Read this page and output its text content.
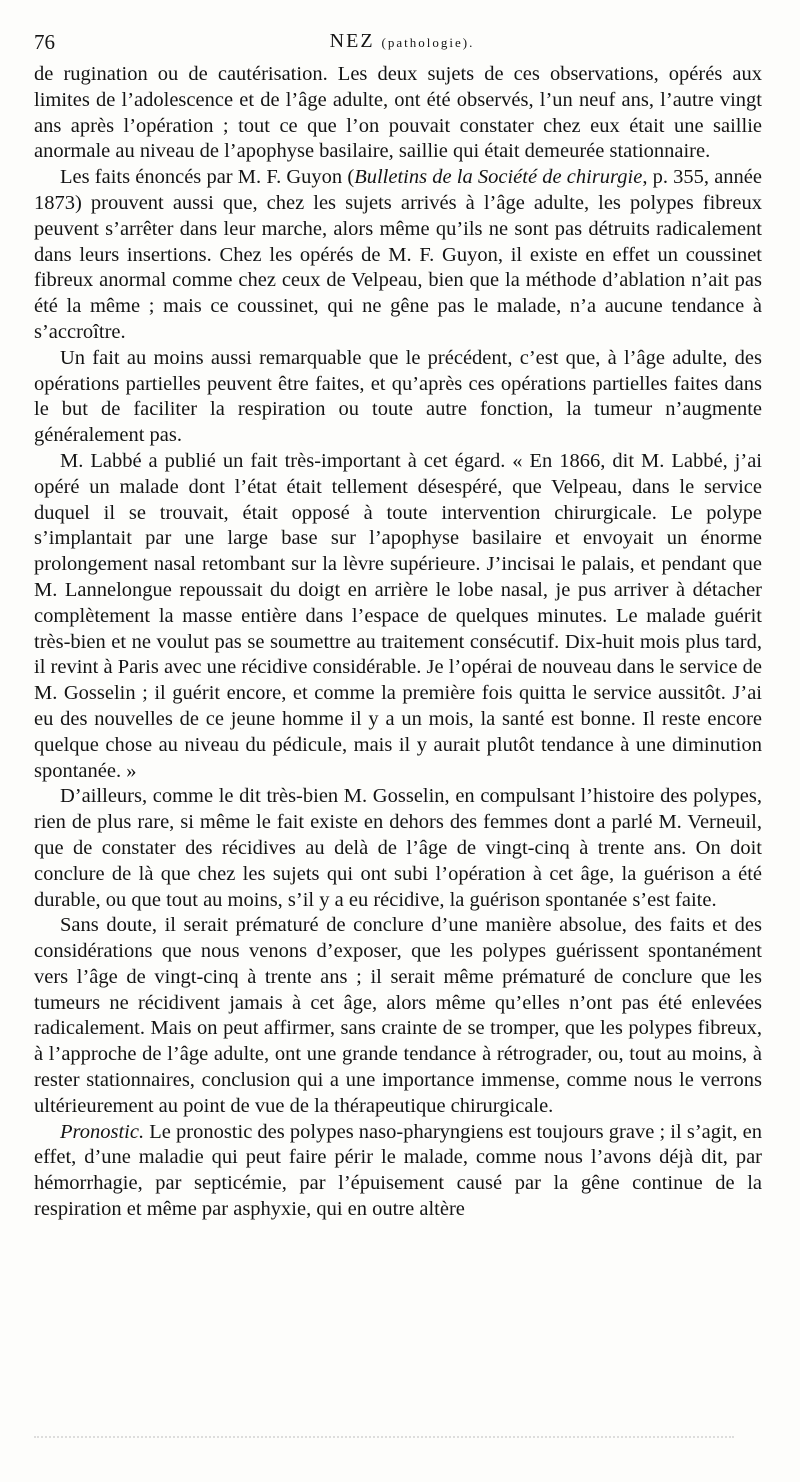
76	NEZ (pathologie).

de rugination ou de cautérisation. Les deux sujets de ces observations, opérés aux limites de l’adolescence et de l’âge adulte, ont été observés, l’un neuf ans, l’autre vingt ans après l’opération ; tout ce que l’on pouvait constater chez eux était une saillie anormale au niveau de l’apophyse basilaire, saillie qui était demeurée stationnaire.

Les faits énoncés par M. F. Guyon (Bulletins de la Société de chirurgie, p. 355, année 1873) prouvent aussi que, chez les sujets arrivés à l’âge adulte, les polypes fibreux peuvent s’arrêter dans leur marche, alors même qu’ils ne sont pas détruits radicalement dans leurs insertions. Chez les opérés de M. F. Guyon, il existe en effet un coussinet fibreux anormal comme chez ceux de Velpeau, bien que la méthode d’ablation n’ait pas été la même ; mais ce coussinet, qui ne gêne pas le malade, n’a aucune tendance à s’accroître.

Un fait au moins aussi remarquable que le précédent, c’est que, à l’âge adulte, des opérations partielles peuvent être faites, et qu’après ces opérations partielles faites dans le but de faciliter la respiration ou toute autre fonction, la tumeur n’augmente généralement pas.

M. Labbé a publié un fait très-important à cet égard. « En 1866, dit M. Labbé, j’ai opéré un malade dont l’état était tellement désespéré, que Velpeau, dans le service duquel il se trouvait, était opposé à toute intervention chirurgicale. Le polype s’implantait par une large base sur l’apophyse basilaire et envoyait un énorme prolongement nasal retombant sur la lèvre supérieure. J’incisai le palais, et pendant que M. Lannelongue repoussait du doigt en arrière le lobe nasal, je pus arriver à détacher complètement la masse entière dans l’espace de quelques minutes. Le malade guérit très-bien et ne voulut pas se soumettre au traitement consécutif. Dix-huit mois plus tard, il revint à Paris avec une récidive considérable. Je l’opérai de nouveau dans le service de M. Gosselin ; il guérit encore, et comme la première fois quitta le service aussitôt. J’ai eu des nouvelles de ce jeune homme il y a un mois, la santé est bonne. Il reste encore quelque chose au niveau du pédicule, mais il y aurait plutôt tendance à une diminution spontanée. »

D’ailleurs, comme le dit très-bien M. Gosselin, en compulsant l’histoire des polypes, rien de plus rare, si même le fait existe en dehors des femmes dont a parlé M. Verneuil, que de constater des récidives au delà de l’âge de vingt-cinq à trente ans. On doit conclure de là que chez les sujets qui ont subi l’opération à cet âge, la guérison a été durable, ou que tout au moins, s’il y a eu récidive, la guérison spontanée s’est faite.

Sans doute, il serait prématuré de conclure d’une manière absolue, des faits et des considérations que nous venons d’exposer, que les polypes guérissent spontanément vers l’âge de vingt-cinq à trente ans ; il serait même prématuré de conclure que les tumeurs ne récidivent jamais à cet âge, alors même qu’elles n’ont pas été enlevées radicalement. Mais on peut affirmer, sans crainte de se tromper, que les polypes fibreux, à l’approche de l’âge adulte, ont une grande tendance à rétrograder, ou, tout au moins, à rester stationnaires, conclusion qui a une importance immense, comme nous le verrons ultérieurement au point de vue de la thérapeutique chirurgicale.

Pronostic. Le pronostic des polypes naso-pharyngiens est toujours grave ; il s’agit, en effet, d’une maladie qui peut faire périr le malade, comme nous l’avons déjà dit, par hémorrhagie, par septicémie, par l’épuisement causé par la gêne continue de la respiration et même par asphyxie, qui en outre altère
